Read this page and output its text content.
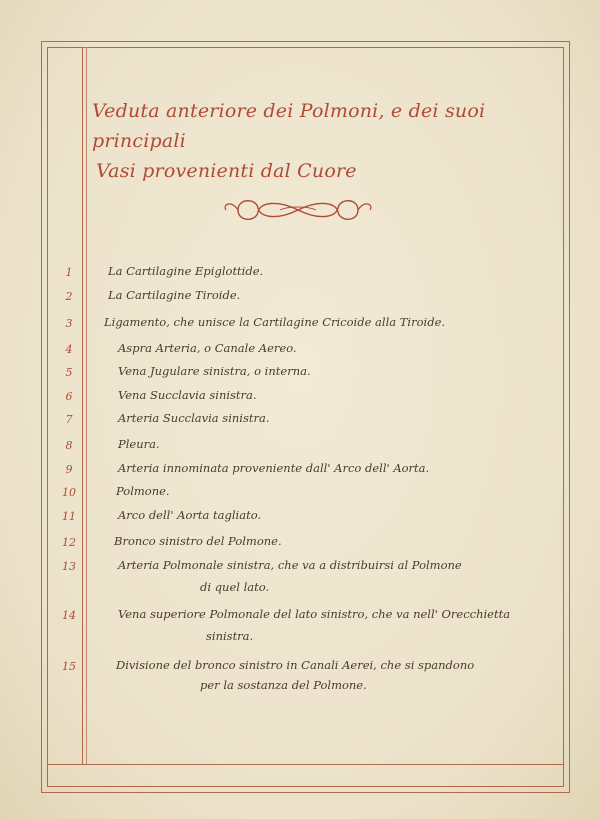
Veduta anteriore dei Polmoni, e dei suoi principali
Vasi provenienti dal Cuore
1	La Cartilagine Epiglottide.
2	La Cartilagine Tiroide.
3	Ligamento, che unisce la Cartilagine Cricoide alla Tiroide.
4	Aspra Arteria, o Canale Aereo.
5	Vena Jugulare sinistra, o interna.
6	Vena Succlavia sinistra.
7	Arteria Succlavia sinistra.
8	Pleura.
9	Arteria innominata proveniente dall' Arco dell' Aorta.
10	Polmone.
11	Arco dell' Aorta tagliato.
12	Bronco sinistro del Polmone.
13	Arteria Polmonale sinistra, che va a distribuirsi al Polmone
di quel lato.
14	Vena superiore Polmonale del lato sinistro, che va nell' Orecchietta
sinistra.
15	Divisione del bronco sinistro in Canali Aerei, che si spandono
per la sostanza del Polmone.
